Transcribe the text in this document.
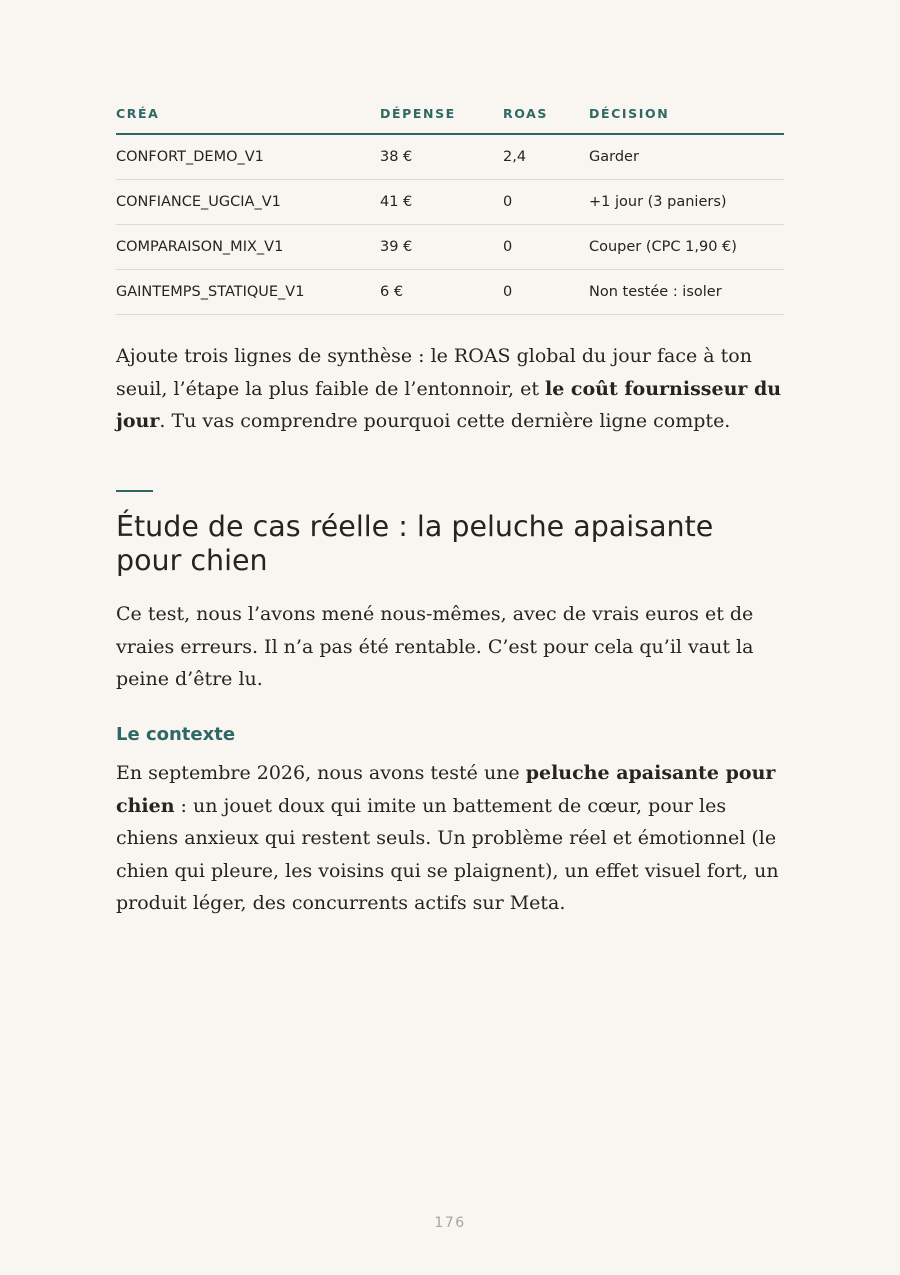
CRÉA	DÉPENSE	ROAS	DÉCISION
CONFORT_DEMO_V1	38 €	2,4	Garder
CONFIANCE_UGCIA_V1	41 €	0	+1 jour (3 paniers)
COMPARAISON_MIX_V1	39 €	0	Couper (CPC 1,90 €)
GAINTEMPS_STATIQUE_V1	6 €	0	Non testée : isoler

Ajoute trois lignes de synthèse : le ROAS global du jour face à ton seuil, l’étape la plus faible de l’entonnoir, et le coût fournisseur du jour. Tu vas comprendre pourquoi cette dernière ligne compte.

Étude de cas réelle : la peluche apaisante pour chien

Ce test, nous l’avons mené nous-mêmes, avec de vrais euros et de vraies erreurs. Il n’a pas été rentable. C’est pour cela qu’il vaut la peine d’être lu.

Le contexte

En septembre 2026, nous avons testé une peluche apaisante pour chien : un jouet doux qui imite un battement de cœur, pour les chiens anxieux qui restent seuls. Un problème réel et émotionnel (le chien qui pleure, les voisins qui se plaignent), un effet visuel fort, un produit léger, des concurrents actifs sur Meta.

176
